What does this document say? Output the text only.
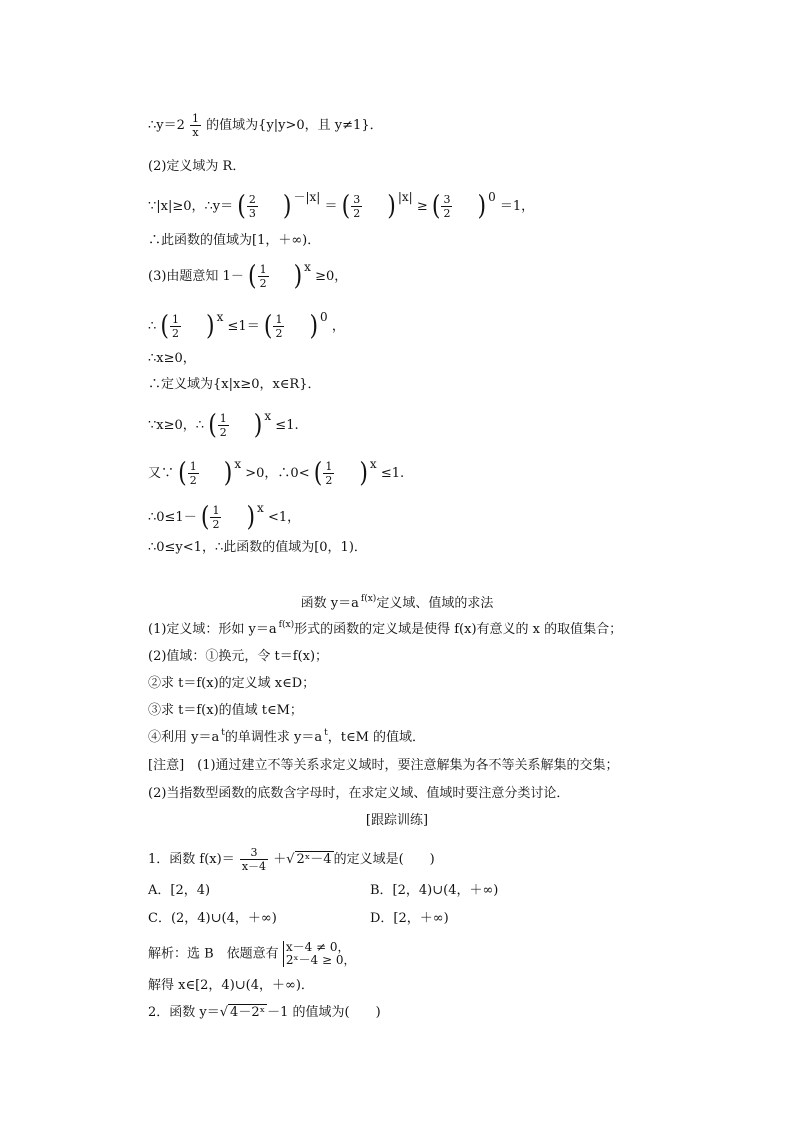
∴y＝2 $\frac{1}{x}$ 的值域为{y|y>0，且 y≠1}．
(2)定义域为 R．
∵|x|≥0，∴y＝ ( $\frac{2}{3}$ ) －|x| ＝ ( $\frac{3}{2}$ ) |x| ≥ ( $\frac{3}{2}$ ) 0 ＝1，
∴此函数的值域为[1，＋∞)．
(3)由题意知 1－ ( $\frac{1}{2}$ ) x ≥0，
∴ ( $\frac{1}{2}$ ) x ≤1＝ ( $\frac{1}{2}$ ) 0 ，
∴x≥0，
∴定义域为{x|x≥0，x∈R}．
∵x≥0，∴ ( $\frac{1}{2}$ ) x ≤1.
又∵ ( $\frac{1}{2}$ ) x >0，∴0< ( $\frac{1}{2}$ ) x ≤1.
∴0≤1－ ( $\frac{1}{2}$ ) x <1，
∴0≤y<1，∴此函数的值域为[0，1)．
函数 y＝a $^{f(x)}$定义域、值域的求法
(1)定义域：形如 y＝a $^{f(x)}$形式的函数的定义域是使得 f(x)有意义的 x 的取值集合；
(2)值域：①换元，令 t＝f(x)；
②求 t＝f(x)的定义域 x∈D；
③求 t＝f(x)的值域 t∈M；
④利用 y＝a $^t$的单调性求 y＝a $^t$，t∈M 的值域．
[注意]　(1)通过建立不等关系求定义域时，要注意解集为各不等关系解集的交集；
(2)当指数型函数的底数含字母时，在求定义域、值域时要注意分类讨论．
[跟踪训练]
1．函数 $f(x)= \frac{3}{x-4}$ ＋√ 2ˣ－4 的定义域是(　　)
A．[2，4)	B．[2，4)∪(4，＋∞)
C．(2，4)∪(4，＋∞)	D．[2，＋∞)
解析：选 B　依题意有 x－4 ≠ 0，
2ˣ－4 ≥ 0，
解得 x∈[2，4)∪(4，＋∞)．
2．函数 y＝√ 4－2ˣ －1 的值域为(　　)
